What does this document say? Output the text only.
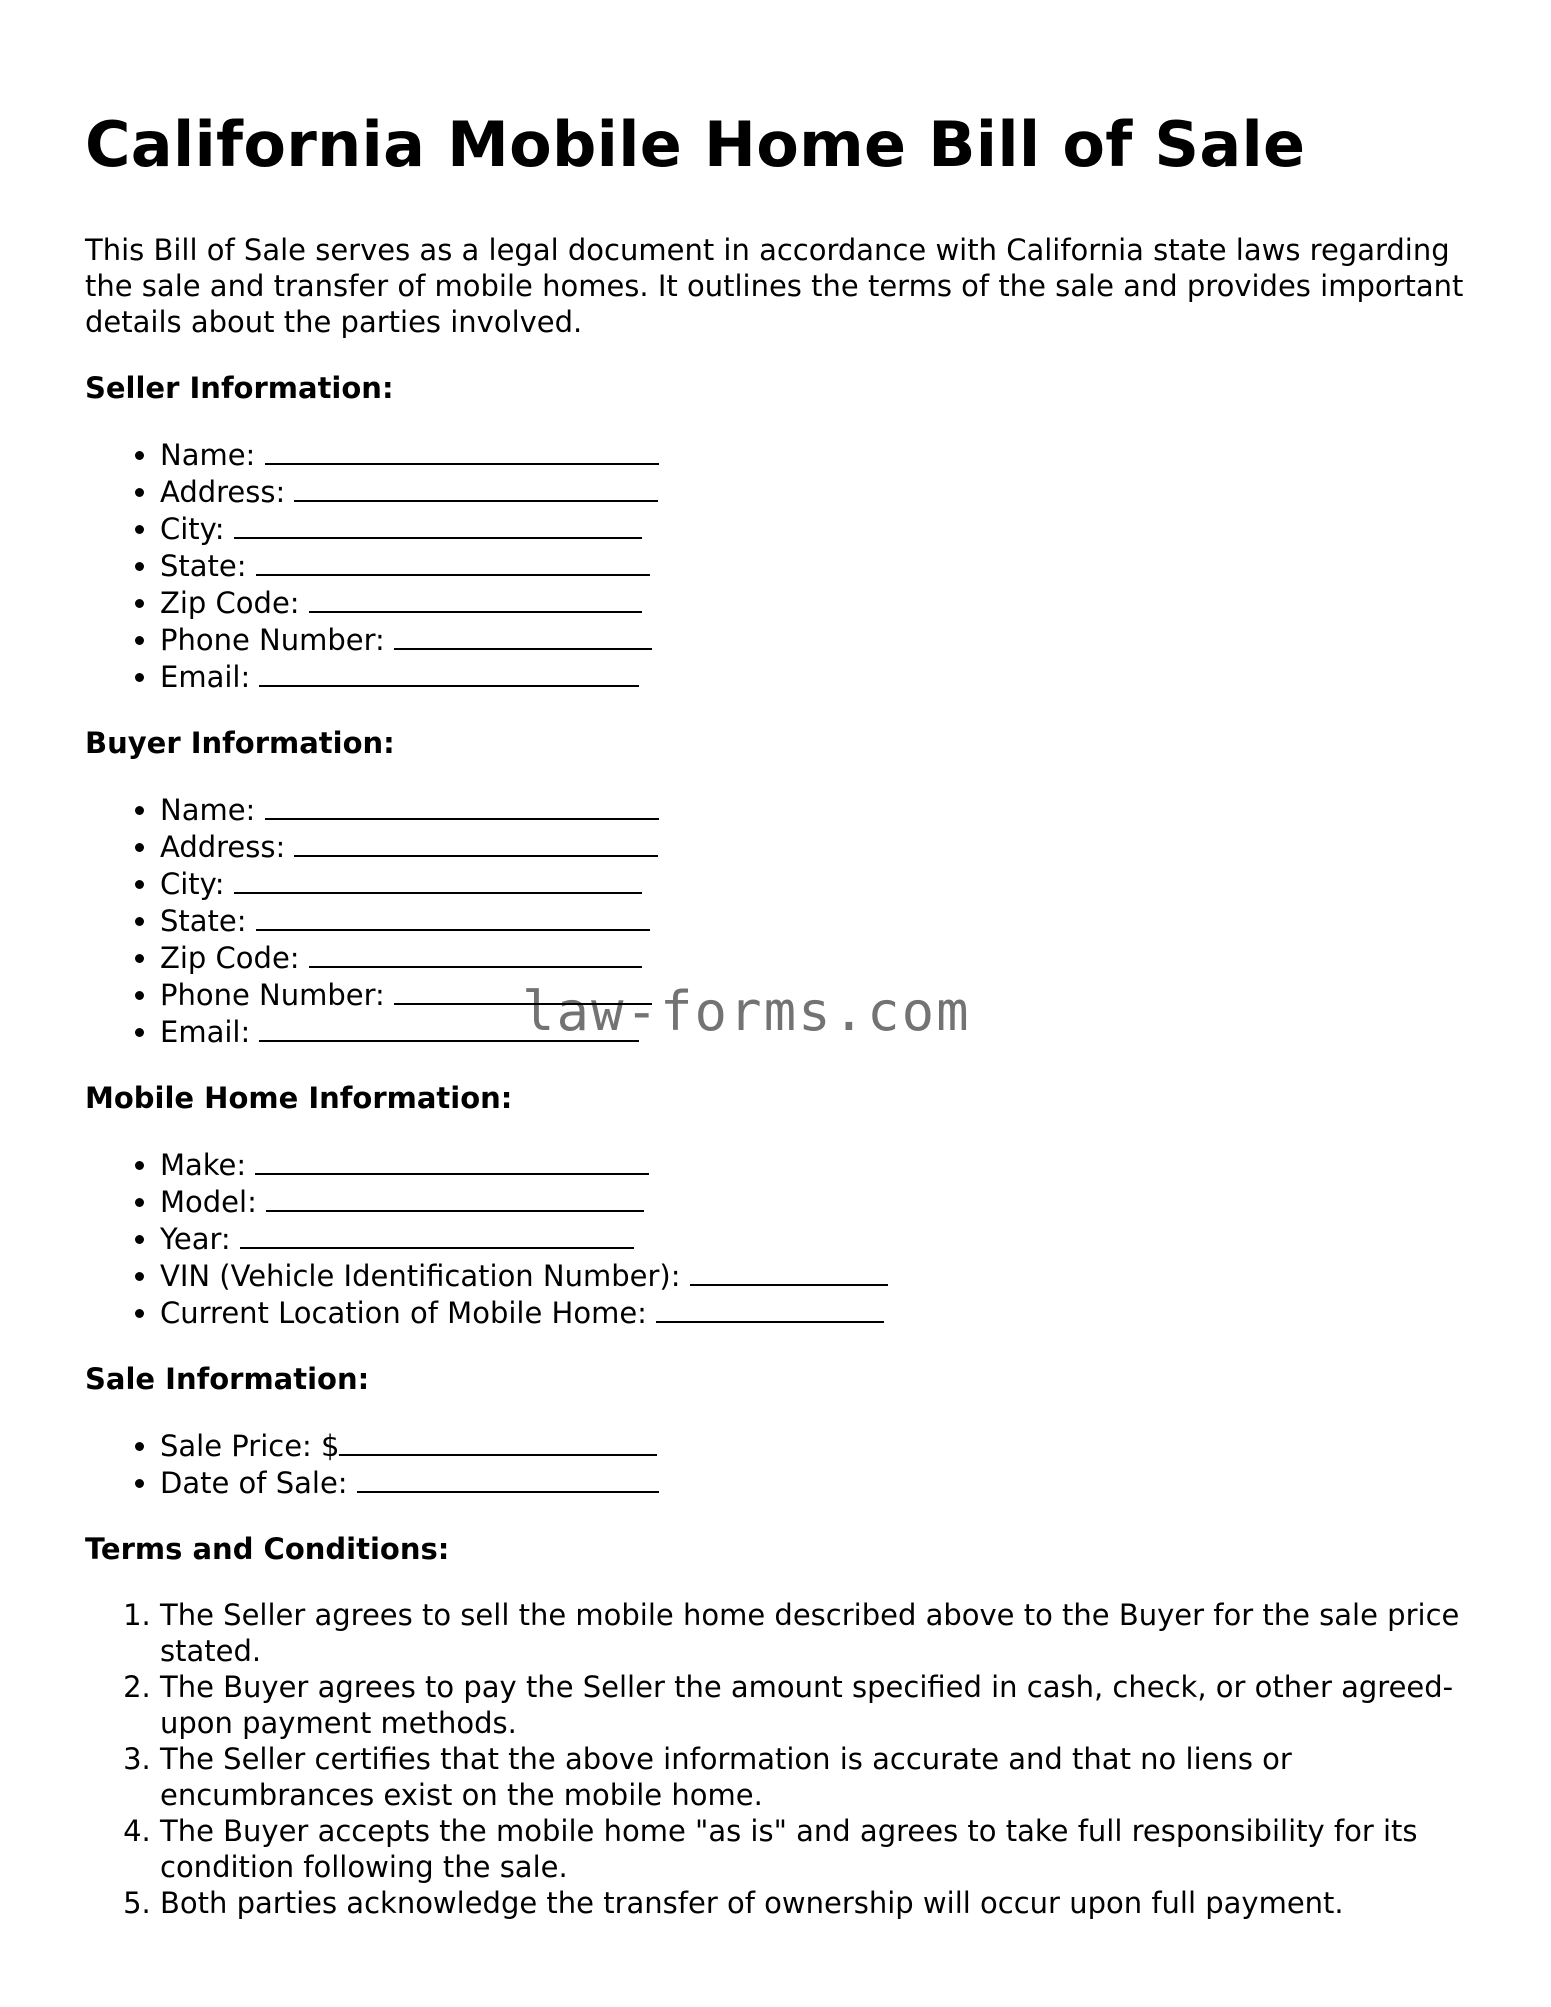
California Mobile Home Bill of Sale

This Bill of Sale serves as a legal document in accordance with California state laws regarding the sale and transfer of mobile homes. It outlines the terms of the sale and provides important details about the parties involved.

Seller Information:
• Name:
• Address:
• City:
• State:
• Zip Code:
• Phone Number:
• Email:
Buyer Information:
• Name:
• Address:
• City:
• State:
• Zip Code:
• Phone Number:
• Email:
Mobile Home Information:
• Make:
• Model:
• Year:
• VIN (Vehicle Identification Number):
• Current Location of Mobile Home:
Sale Information:
• Sale Price: $
• Date of Sale:
Terms and Conditions:
1. The Seller agrees to sell the mobile home described above to the Buyer for the sale price stated.
2. The Buyer agrees to pay the Seller the amount specified in cash, check, or other agreed-upon payment methods.
3. The Seller certifies that the above information is accurate and that no liens or encumbrances exist on the mobile home.
4. The Buyer accepts the mobile home "as is" and agrees to take full responsibility for its condition following the sale.
5. Both parties acknowledge the transfer of ownership will occur upon full payment.
law-forms.com
